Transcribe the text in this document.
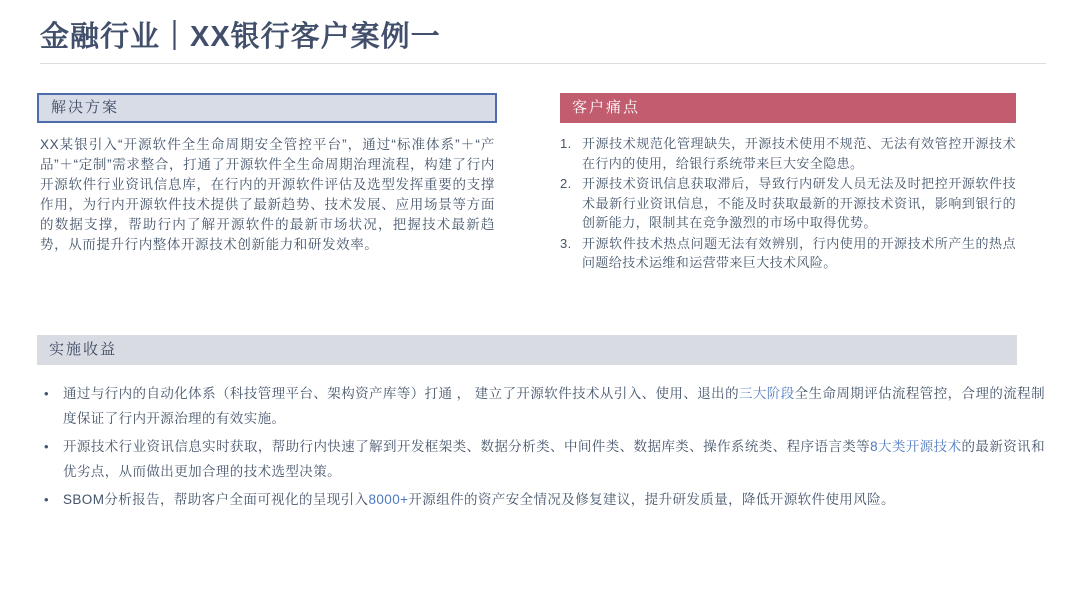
金融行业｜XX银行客户案例一
解决方案
XX某银引入“开源软件全生命周期安全管控平台”，通过“标准体系”＋“产品”＋“定制”需求整合，打通了开源软件全生命周期治理流程，构建了行内开源软件行业资讯信息库，在行内的开源软件评估及选型发挥重要的支撑作用，为行内开源软件技术提供了最新趋势、技术发展、应用场景等方面的数据支撑，帮助行内了解开源软件的最新市场状况，把握技术最新趋势，从而提升行内整体开源技术创新能力和研发效率。
客户痛点
1. 开源技术规范化管理缺失，开源技术使用不规范、无法有效管控开源技术在行内的使用，给银行系统带来巨大安全隐患。
2. 开源技术资讯信息获取滞后，导致行内研发人员无法及时把控开源软件技术最新行业资讯信息，不能及时获取最新的开源技术资讯，影响到银行的创新能力，限制其在竞争激烈的市场中取得优势。
3. 开源软件技术热点问题无法有效辨别，行内使用的开源技术所产生的热点问题给技术运维和运营带来巨大技术风险。
实施收益
• 通过与行内的自动化体系（科技管理平台、架构资产库等）打通 ， 建立了开源软件技术从引入、使用、退出的三大阶段全生命周期评估流程管控，合理的流程制度保证了行内开源治理的有效实施。
• 开源技术行业资讯信息实时获取，帮助行内快速了解到开发框架类、数据分析类、中间件类、数据库类、操作系统类、程序语言类等8大类开源技术的最新资讯和优劣点，从而做出更加合理的技术选型决策。
• SBOM分析报告，帮助客户全面可视化的呈现引入8000+开源组件的资产安全情况及修复建议，提升研发质量，降低开源软件使用风险。
